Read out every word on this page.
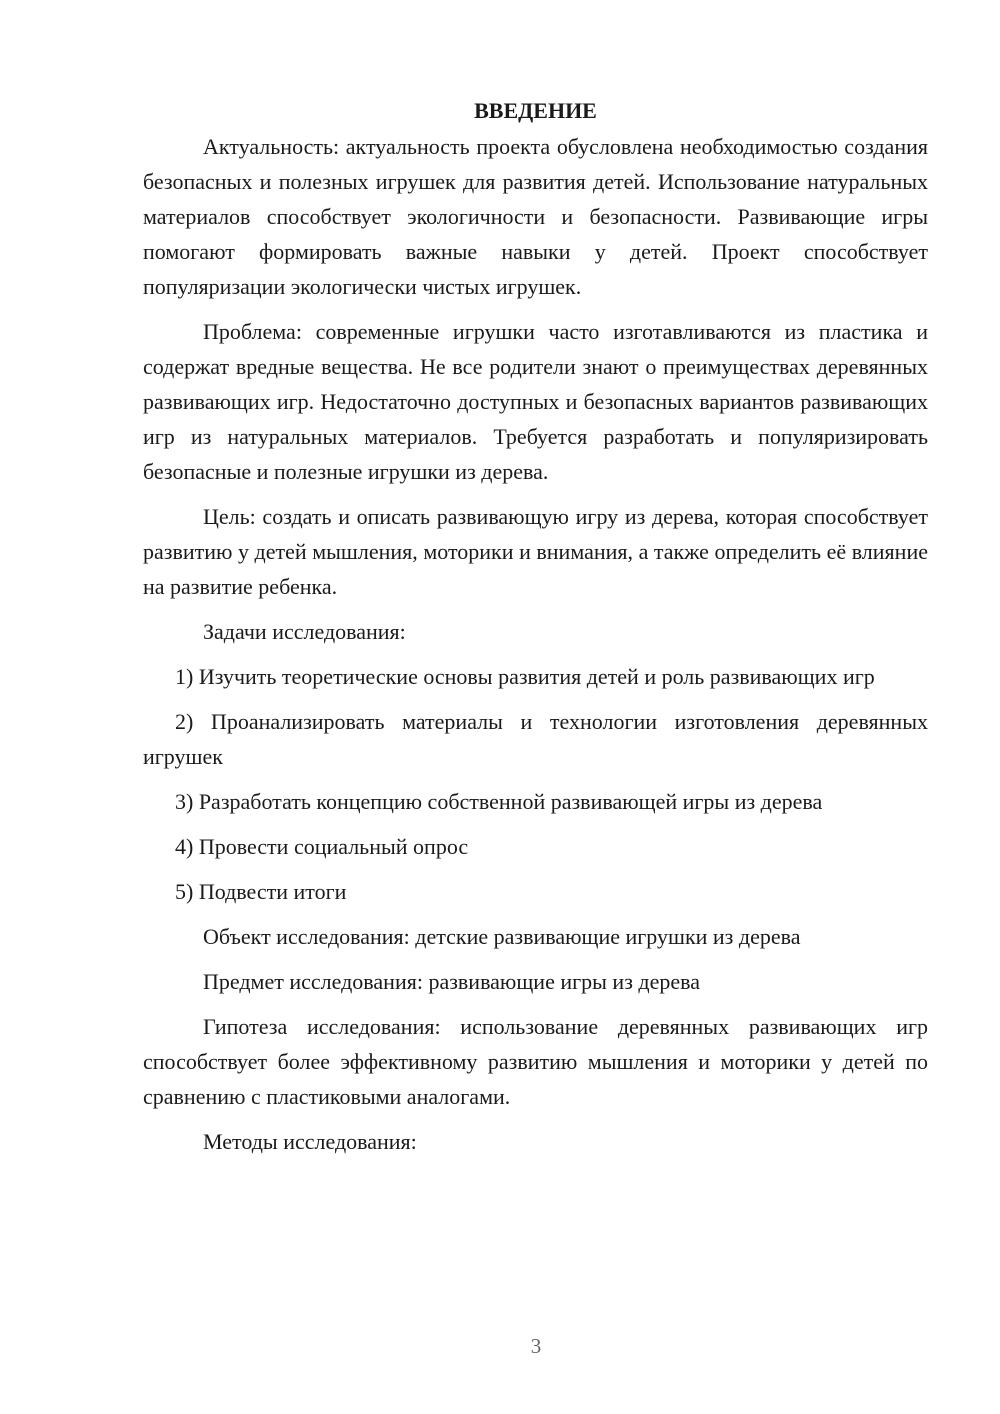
ВВЕДЕНИЕ

Актуальность: актуальность проекта обусловлена необходимостью создания безопасных и полезных игрушек для развития детей. Использование натуральных материалов способствует экологичности и безопасности. Развивающие игры помогают формировать важные навыки у детей. Проект способствует популяризации экологически чистых игрушек.

Проблема: современные игрушки часто изготавливаются из пластика и содержат вредные вещества. Не все родители знают о преимуществах деревянных развивающих игр. Недостаточно доступных и безопасных вариантов развивающих игр из натуральных материалов. Требуется разработать и популяризировать безопасные и полезные игрушки из дерева.

Цель: создать и описать развивающую игру из дерева, которая способствует развитию у детей мышления, моторики и внимания, а также определить её влияние на развитие ребенка.

Задачи исследования:

1) Изучить теоретические основы развития детей и роль развивающих игр

2) Проанализировать материалы и технологии изготовления деревянных игрушек

3) Разработать концепцию собственной развивающей игры из дерева

4) Провести социальный опрос

5) Подвести итоги

Объект исследования: детские развивающие игрушки из дерева

Предмет исследования: развивающие игры из дерева

Гипотеза исследования: использование деревянных развивающих игр способствует более эффективному развитию мышления и моторики у детей по сравнению с пластиковыми аналогами.

Методы исследования:

3
